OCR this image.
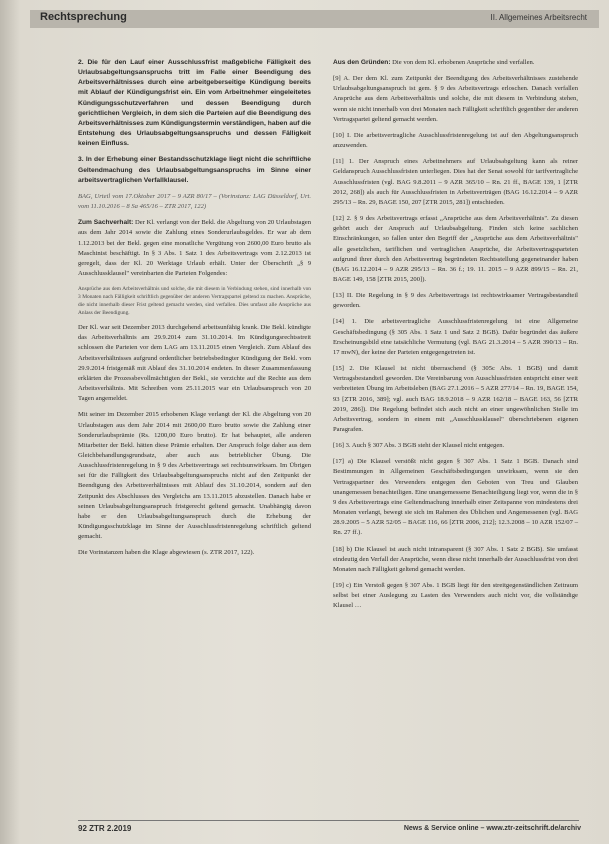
Rechtsprechung	II. Allgemeines Arbeitsrecht

2. Die für den Lauf einer Ausschlussfrist maßgebliche Fälligkeit des Urlaubsabgeltungsanspruchs tritt im Falle einer Beendigung des Arbeitsverhältnisses durch eine arbeitgeberseitige Kündigung bereits mit Ablauf der Kündigungsfrist ein. Ein vom Arbeitnehmer eingeleitetes Kündigungsschutzverfahren und dessen Beendigung durch gerichtlichen Vergleich, in dem sich die Parteien auf die Beendigung des Arbeitsverhältnisses zum Kündigungstermin verständigen, haben auf die Entstehung des Urlaubsabgeltungsanspruchs und dessen Fälligkeit keinen Einfluss.

3. In der Erhebung einer Bestandsschutzklage liegt nicht die schriftliche Geltendmachung des Urlaubsabgeltungsanspruchs im Sinne einer arbeitsvertraglichen Verfallklausel.

BAG, Urteil vom 17.Oktober 2017 – 9 AZR 80/17 – (Vorinstanz: LAG Düsseldorf, Urt. vom 11.10.2016 – 8 Sa 465/16 – ZTR 2017, 122)

Zum Sachverhalt: Der Kl. verlangt von der Bekl. die Abgeltung von 20 Urlaubstagen aus dem Jahr 2014 sowie die Zahlung eines Sonderurlaubsgeldes. Er war ab dem 1.12.2013 bei der Bekl. gegen eine monatliche Vergütung von 2600,00 Euro brutto als Maschinist beschäftigt. In § 3 Abs. 1 Satz 1 des Arbeitsvertrags vom 2.12.2013 ist geregelt, dass der Kl. 20 Werktage Urlaub erhält. Unter der Überschrift „§ 9 Ausschlussklausel" vereinbarten die Parteien Folgendes:

Ansprüche aus dem Arbeitsverhältnis und solche, die mit diesem in Verbindung stehen, sind innerhalb von 3 Monaten nach Fälligkeit schriftlich gegenüber der anderen Vertragspartei geltend zu machen. Ansprüche, die nicht innerhalb dieser Frist geltend gemacht werden, sind verfallen. Dies umfasst alle Ansprüche aus Anlass der Beendigung.

Der Kl. war seit Dezember 2013 durchgehend arbeitsunfähig krank. Die Bekl. kündigte das Arbeitsverhältnis am 29.9.2014 zum 31.10.2014. Im Kündigungsrechtsstreit schlossen die Parteien vor dem LAG am 13.11.2015 einen Vergleich. Zum Ablauf des Arbeitsverhältnisses aufgrund ordentlicher betriebsbedingter Kündigung der Bekl. vom 29.9.2014 fristgemäß mit Ablauf des 31.10.2014 endeten. In dieser Zusammenfassung erklärten die Prozessbevollmächtigten der Bekl., sie verzichte auf die Rechte aus dem Arbeitsverhältnis. Mit Schreiben vom 25.11.2015 war ein Urlaubsanspruch von 20 Tagen angemeldet.

Mit seiner im Dezember 2015 erhobenen Klage verlangt der Kl. die Abgeltung von 20 Urlaubstagen aus dem Jahr 2014 mit 2600,00 Euro brutto sowie die Zahlung einer Sonderurlaubsprämie (Rs. 1200,00 Euro brutto). Er hat behauptet, alle anderen Mitarbeiter der Bekl. hätten diese Prämie erhalten. Der Anspruch folge daher aus dem Gleichbehandlungsgrundsatz, aber auch aus betrieblicher Übung. Die Ausschlussfristenregelung in § 9 des Arbeitsvertrags sei rechtsunwirksam. Im Übrigen sei für die Fälligkeit des Urlaubsabgeltungsanspruchs nicht auf den Zeitpunkt der Beendigung des Arbeitsverhältnisses mit Ablauf des 31.10.2014, sondern auf den Zeitpunkt des Abschlusses des Vergleichs am 13.11.2015 abzustellen. Danach habe er seinen Urlaubsabgeltungsanspruch fristgerecht geltend gemacht. Unabhängig davon habe er den Urlaubsabgeltungsanspruch durch die Erhebung der Kündigungsschutzklage im Sinne der Ausschlussfristenregelung schriftlich geltend gemacht.

Die Vorinstanzen haben die Klage abgewiesen (s. ZTR 2017, 122).

Aus den Gründen: Die von dem Kl. erhobenen Ansprüche sind verfallen.

[9] A. Der dem Kl. zum Zeitpunkt der Beendigung des Arbeitsverhältnisses zustehende Urlaubsabgeltungsanspruch ist gem. § 9 des Arbeitsvertrags erloschen. Danach verfallen Ansprüche aus dem Arbeitsverhältnis und solche, die mit diesem in Verbindung stehen, wenn sie nicht innerhalb von drei Monaten nach Fälligkeit schriftlich gegenüber der anderen Vertragspartei geltend gemacht werden.

[10] I. Die arbeitsvertragliche Ausschlussfristenregelung ist auf den Abgeltungsanspruch anzuwenden.

[11] 1. Der Anspruch eines Arbeitnehmers auf Urlaubsabgeltung kann als reiner Geldanspruch Ausschlussfristen unterliegen. Dies hat der Senat sowohl für tarifvertragliche Ausschlussfristen (vgl. BAG 9.8.2011 – 9 AZR 365/10 – Rn. 21 ff., BAGE 139, 1 [ZTR 2012, 268]) als auch für Ausschlussfristen in Arbeitsverträgen (BAG 16.12.2014 – 9 AZR 295/13 – Rn. 29, BAGE 150, 207 [ZTR 2015, 281]) entschieden.

[12] 2. § 9 des Arbeitsvertrags erfasst „Ansprüche aus dem Arbeitsverhältnis". Zu diesen gehört auch der Anspruch auf Urlaubsabgeltung. Finden sich keine sachlichen Einschränkungen, so fallen unter den Begriff der „Ansprüche aus dem Arbeitsverhältnis" alle gesetzlichen, tariflichen und vertraglichen Ansprüche, die Arbeitsvertragsparteien aufgrund ihrer durch den Arbeitsvertrag begründeten Rechtsstellung gegeneinander haben (BAG 16.12.2014 – 9 AZR 295/13 – Rn. 36 f.; 19. 11. 2015 – 9 AZR 899/15 – Rn. 21, BAGE 149, 158 [ZTR 2015, 200]).

[13] II. Die Regelung in § 9 des Arbeitsvertrags ist rechtswirksamer Vertragsbestandteil geworden.

[14] 1. Die arbeitsvertragliche Ausschlussfristenregelung ist eine Allgemeine Geschäftsbedingung (§ 305 Abs. 1 Satz 1 und Satz 2 BGB). Dafür begründet das äußere Erscheinungsbild eine tatsächliche Vermutung (vgl. BAG 21.3.2014 – 5 AZR 390/13 – Rn. 17 mwN), der keine der Parteien entgegengetreten ist.

[15] 2. Die Klausel ist nicht überraschend (§ 305c Abs. 1 BGB) und damit Vertragsbestandteil geworden. Die Vereinbarung von Ausschlussfristen entspricht einer weit verbreiteten Übung im Arbeitsleben (BAG 27.1.2016 – 5 AZR 277/14 – Rn. 19, BAGE 154, 93 [ZTR 2016, 389]; vgl. auch BAG 18.9.2018 – 9 AZR 162/18 – BAGE 163, 56 [ZTR 2019, 286]). Die Regelung befindet sich auch nicht an einer ungewöhnlichen Stelle im Arbeitsvertrag, sondern in einem mit „Ausschlussklausel" überschriebenen eigenen Paragrafen.

[16] 3. Auch § 307 Abs. 3 BGB steht der Klausel nicht entgegen.

[17] a) Die Klausel verstößt nicht gegen § 307 Abs. 1 Satz 1 BGB. Danach sind Bestimmungen in Allgemeinen Geschäftsbedingungen unwirksam, wenn sie den Vertragspartner des Verwenders entgegen den Geboten von Treu und Glauben unangemessen benachteiligen. Eine unangemessene Benachteiligung liegt vor, wenn die in § 9 des Arbeitsvertrags eine Geltendmachung innerhalb einer Zeitspanne von mindestens drei Monaten verlangt, bewegt sie sich im Rahmen des Üblichen und Angemessenen (vgl. BAG 28.9.2005 – 5 AZR 52/05 – BAGE 116, 66 [ZTR 2006, 212]; 12.3.2008 – 10 AZR 152/07 – Rn. 27 ff.).

[18] b) Die Klausel ist auch nicht intransparent (§ 307 Abs. 1 Satz 2 BGB). Sie umfasst eindeutig den Verfall der Ansprüche, wenn diese nicht innerhalb der Ausschlussfrist von drei Monaten nach Fälligkeit geltend gemacht werden.

[19] c) Ein Verstoß gegen § 307 Abs. 1 BGB liegt für den streitgegenständlichen Zeitraum selbst bei einer Auslegung zu Lasten des Verwenders auch nicht vor, die vollständige Klausel …

92 ZTR 2.2019	News & Service online – www.ztr-zeitschrift.de/archiv
